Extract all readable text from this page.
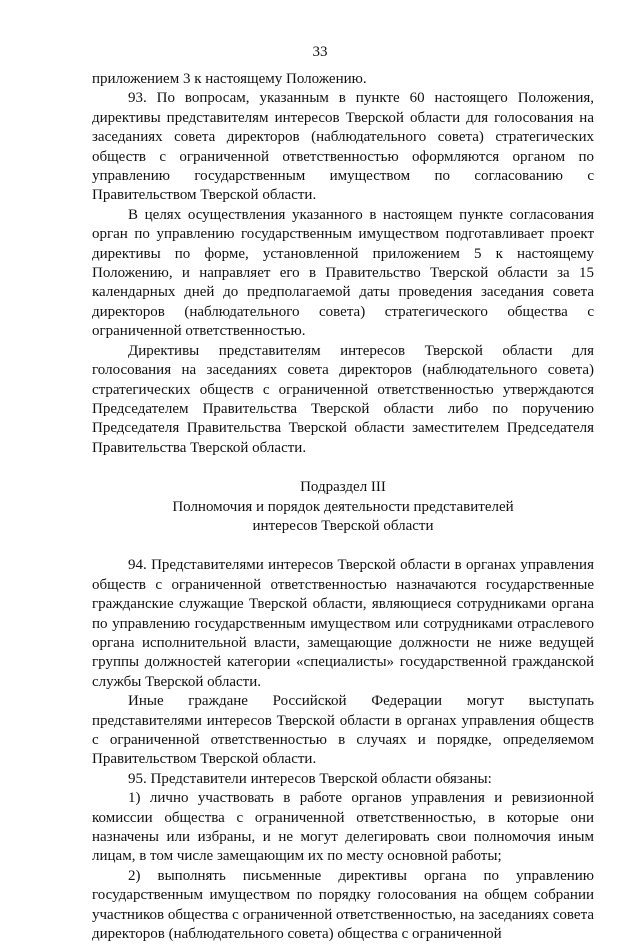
33

приложением 3 к настоящему Положению.

93. По вопросам, указанным в пункте 60 настоящего Положения, директивы представителям интересов Тверской области для голосования на заседаниях совета директоров (наблюдательного совета) стратегических обществ с ограниченной ответственностью оформляются органом по управлению государственным имуществом по согласованию с Правительством Тверской области.

В целях осуществления указанного в настоящем пункте согласования орган по управлению государственным имуществом подготавливает проект директивы по форме, установленной приложением 5 к настоящему Положению, и направляет его в Правительство Тверской области за 15 календарных дней до предполагаемой даты проведения заседания совета директоров (наблюдательного совета) стратегического общества с ограниченной ответственностью.

Директивы представителям интересов Тверской области для голосования на заседаниях совета директоров (наблюдательного совета) стратегических обществ с ограниченной ответственностью утверждаются Председателем Правительства Тверской области либо по поручению Председателя Правительства Тверской области заместителем Председателя Правительства Тверской области.

Подраздел III
Полномочия и порядок деятельности представителей
интересов Тверской области

94. Представителями интересов Тверской области в органах управления обществ с ограниченной ответственностью назначаются государственные гражданские служащие Тверской области, являющиеся сотрудниками органа по управлению государственным имуществом или сотрудниками отраслевого органа исполнительной власти, замещающие должности не ниже ведущей группы должностей категории «специалисты» государственной гражданской службы Тверской области.

Иные граждане Российской Федерации могут выступать представителями интересов Тверской области в органах управления обществ с ограниченной ответственностью в случаях и порядке, определяемом Правительством Тверской области.

95. Представители интересов Тверской области обязаны:

1) лично участвовать в работе органов управления и ревизионной комиссии общества с ограниченной ответственностью, в которые они назначены или избраны, и не могут делегировать свои полномочия иным лицам, в том числе замещающим их по месту основной работы;

2) выполнять письменные директивы органа по управлению государственным имуществом по порядку голосования на общем собрании участников общества с ограниченной ответственностью, на заседаниях совета директоров (наблюдательного совета) общества с ограниченной
